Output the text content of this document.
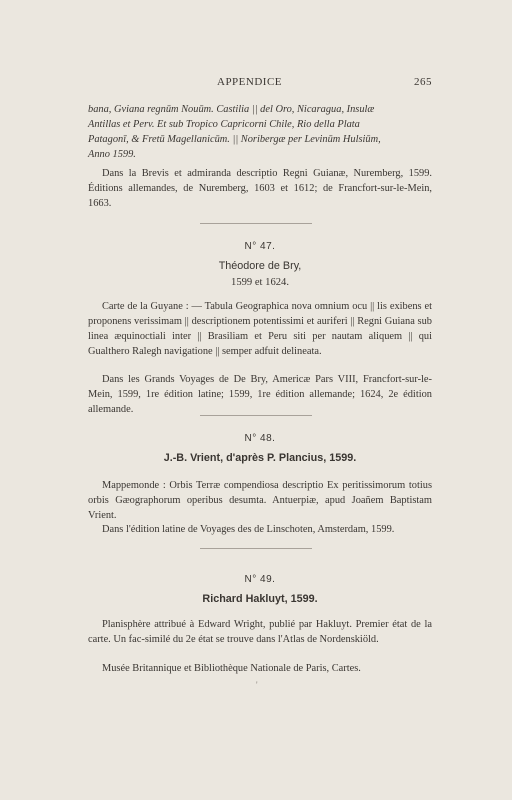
APPENDICE	265
bana, Gviana regnūm Nouūm. Castilia || del Oro, Nicaragua, Insulæ
Antillas et Perv. Et sub Tropico Capricorni Chile, Rio della Plata
Patagonī, & Fretū Magellanicūm. || Noribergæ per Levinūm Hulsiūm,
Anno 1599.
Dans la Brevis et admiranda descriptio Regni Guianæ, Nuremberg, 1599. Éditions allemandes, de Nuremberg, 1603 et 1612; de Francfort-sur-le-Mein, 1663.
N° 47.
Théodore de Bry,
1599 et 1624.
Carte de la Guyane : — Tabula Geographica nova omnium ocu || lis exibens et proponens verissimam || descriptionem potentissimi et auriferi || Regni Guiana sub linea æquinoctiali inter || Brasiliam et Peru siti per nautam aliquem || qui Gualthero Ralegh navigatione || semper adfuit delineata.
Dans les Grands Voyages de De Bry, Americæ Pars VIII, Francfort-sur-le-Mein, 1599, 1re édition latine; 1599, 1re édition allemande; 1624, 2e édition allemande.
N° 48.
J.-B. Vrient, d'après P. Plancius, 1599.
Mappemonde : Orbis Terræ compendiosa descriptio Ex peritissimorum totius orbis Gæographorum operibus desumta. Antuerpiæ, apud Joañem Baptistam Vrient.
Dans l'édition latine de Voyages des de Linschoten, Amsterdam, 1599.
N° 49.
Richard Hakluyt, 1599.
Planisphère attribué à Edward Wright, publié par Hakluyt. Premier état de la carte. Un fac-similé du 2e état se trouve dans l'Atlas de Nordenskiöld.
Musée Britannique et Bibliothèque Nationale de Paris, Cartes.
'
